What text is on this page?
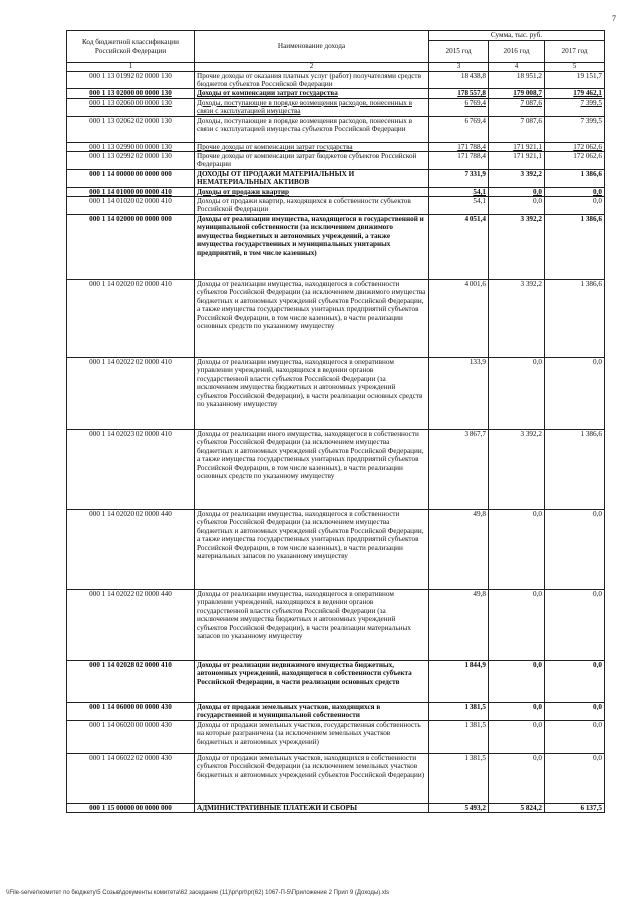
7
Код бюджетной классификации Российской Федерации	Наименование дохода	Сумма, тыс. руб.		
		2015 год	2016 год	2017 год
1	2	3	4	5
000 1 13 01992 02 0000 130	Прочие доходы от оказания платных услуг (работ) получателями средств бюджетов субъектов Российской Федерации	18 438,8	18 951,2	19 151,7
000 1 13 02000 00 0000 130	Доходы от компенсации затрат государства	178 557,8	179 008,7	179 462,1
000 1 13 02060 00 0000 130	Доходы, поступающие в порядке возмещения расходов, понесенных в связи с эксплуатацией имущества	6 769,4	7 087,6	7 399,5
000 1 13 02062 02 0000 130	Доходы, поступающие в порядке возмещения расходов, понесенных в связи с эксплуатацией имущества субъектов Российской Федерации	6 769,4	7 087,6	7 399,5
000 1 13 02990 00 0000 130	Прочие доходы от компенсации затрат государства	171 788,4	171 921,1	172 062,6
000 1 13 02992 02 0000 130	Прочие доходы от компенсации затрат бюджетов субъектов Российской Федерации	171 788,4	171 921,1	172 062,6
000 1 14 00000 00 0000 000	ДОХОДЫ ОТ ПРОДАЖИ МАТЕРИАЛЬНЫХ И НЕМАТЕРИАЛЬНЫХ АКТИВОВ	7 331,9	3 392,2	1 386,6
000 1 14 01000 00 0000 410	Доходы от продажи квартир	54,1	0,0	0,0
000 1 14 01020 02 0000 410	Доходы от продажи квартир, находящихся в собственности субъектов Российской Федерации	54,1	0,0	0,0
000 1 14 02000 00 0000 000	Доходы от реализации имущества, находящегося в государственной и муниципальной собственности (за исключением движимого имущества бюджетных и автономных учреждений, а также имущества государственных и муниципальных унитарных предприятий, в том числе казенных)	4 051,4	3 392,2	1 386,6
000 1 14 02020 02 0000 410	Доходы от реализации имущества, находящегося в собственности субъектов Российской Федерации (за исключением движимого имущества бюджетных и автономных учреждений субъектов Российской Федерации, а также имущества государственных унитарных предприятий субъектов Российской Федерации, в том числе казенных), в части реализации основных средств по указанному имуществу	4 001,6	3 392,2	1 386,6
000 1 14 02022 02 0000 410	Доходы от реализации имущества, находящегося в оперативном управлении учреждений, находящихся в ведении органов государственной власти субъектов Российской Федерации (за исключением имущества бюджетных и автономных учреждений субъектов Российской Федерации), в части реализации основных средств по указанному имуществу	133,9	0,0	0,0
000 1 14 02023 02 0000 410	Доходы от реализации иного имущества, находящегося в собственности субъектов Российской Федерации (за исключением имущества бюджетных и автономных учреждений субъектов Российской Федерации, а также имущества государственных унитарных предприятий субъектов Российской Федерации, в том числе казенных), в части реализации основных средств по указанному имуществу	3 867,7	3 392,2	1 386,6
000 1 14 02020 02 0000 440	Доходы от реализации имущества, находящегося в собственности субъектов Российской Федерации (за исключением имущества бюджетных и автономных учреждений субъектов Российской Федерации, а также имущества государственных унитарных предприятий субъектов Российской Федерации, в том числе казенных), в части реализации материальных запасов по указанному имуществу	49,8	0,0	0,0
000 1 14 02022 02 0000 440	Доходы от реализации имущества, находящегося в оперативном управлении учреждений, находящихся в ведении органов государственной власти субъектов Российской Федерации (за исключением имущества бюджетных и автономных учреждений субъектов Российской Федерации), в части реализации материальных запасов по указанному имуществу	49,8	0,0	0,0
000 1 14 02028 02 0000 410	Доходы от реализации недвижимого имущества бюджетных, автономных учреждений, находящегося в собственности субъекта Российской Федерации, в части реализации основных средств	1 844,9	0,0	0,0
000 1 14 06000 00 0000 430	Доходы от продажи земельных участков, находящихся в государственной и муниципальной собственности	1 381,5	0,0	0,0
000 1 14 06020 00 0000 430	Доходы от продажи земельных участков, государственная собственность на которые разграничена (за исключением земельных участков бюджетных и автономных учреждений)	1 381,5	0,0	0,0
000 1 14 06022 02 0000 430	Доходы от продажи земельных участков, находящихся в собственности субъектов Российской Федерации (за исключением земельных участков бюджетных и автономных учреждений субъектов Российской Федерации)	1 381,5	0,0	0,0
000 1 15 00000 00 0000 000	АДМИНИСТРАТИВНЫЕ ПЛАТЕЖИ И СБОРЫ	5 493,2	5 824,2	6 137,5
\\File-server\комитет по бюджету\5 Созыв\документы комитета\62 заседание (11)\pr\prt\pr(62) 1067-П-5\Приложение 2 Прил 9 (Доходы).xls
